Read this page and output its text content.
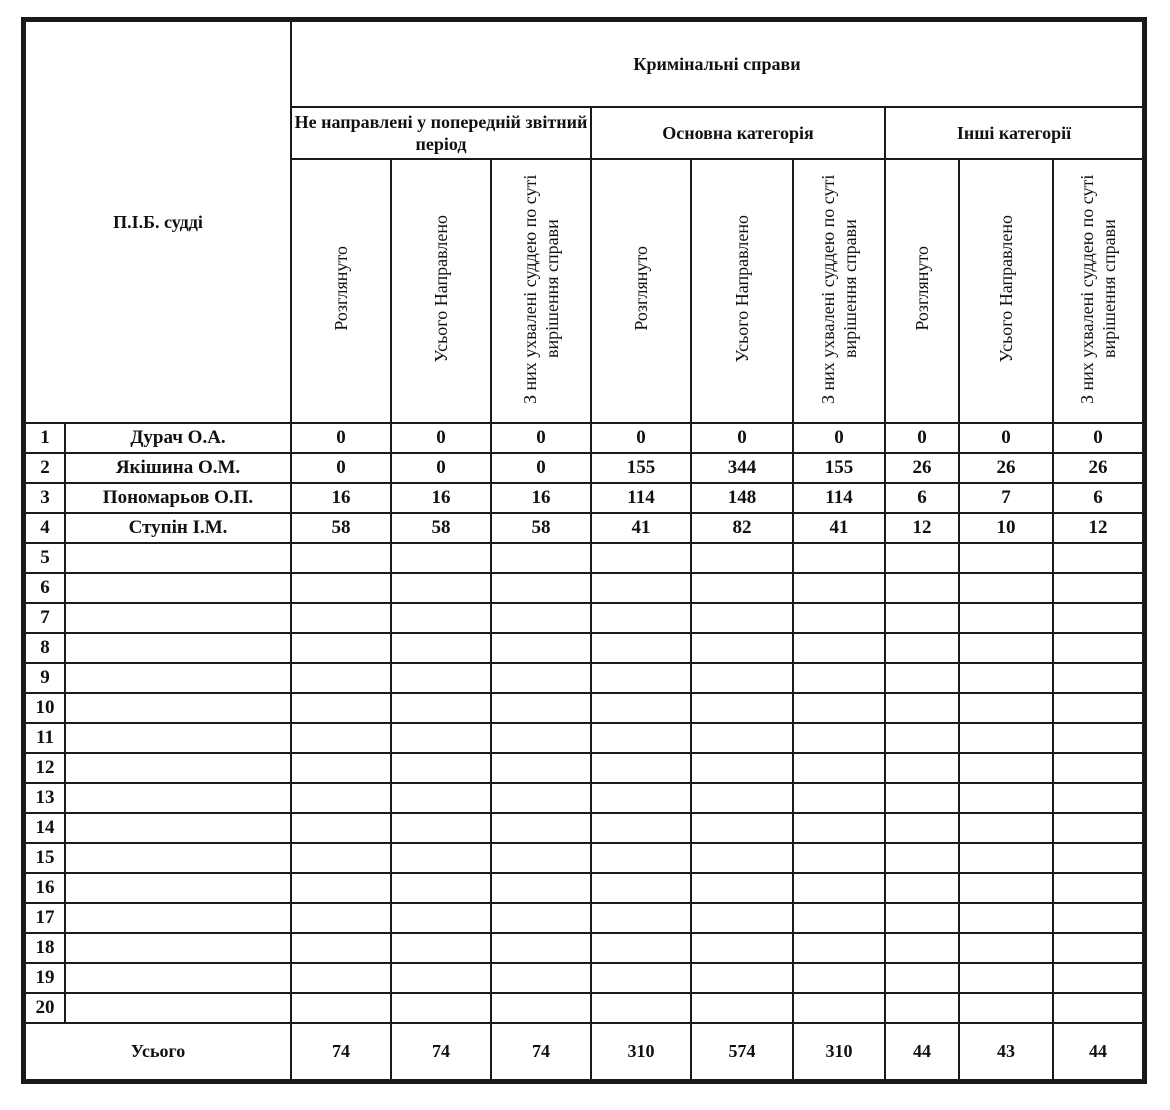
П.І.Б. судді		Кримінальні справи								
		Не направлені у попередній звітний період			Основна категорія			Інші категорії		
		Розглянуто	Усього Направлено	З них ухвалені суддею по суті вирішення справи	Розглянуто	Усього Направлено	З них ухвалені суддею по суті вирішення справи	Розглянуто	Усього Направлено	З них ухвалені суддею по суті вирішення справи
1	Дурач О.А.	0	0	0	0	0	0	0	0	0
2	Якішина О.М.	0	0	0	155	344	155	26	26	26
3	Пономарьов О.П.	16	16	16	114	148	114	6	7	6
4	Ступін І.М.	58	58	58	41	82	41	12	10	12
5										
6										
7										
8										
9										
10										
11										
12										
13										
14										
15										
16										
17										
18										
19										
20										
Усього		74	74	74	310	574	310	44	43	44
